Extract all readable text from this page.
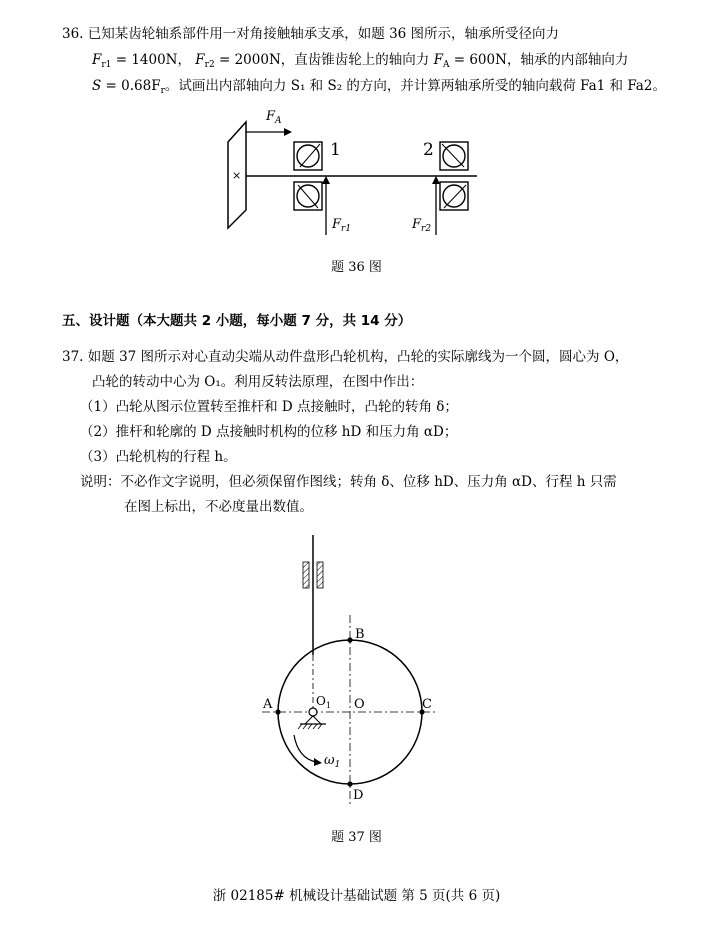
36. 已知某齿轮轴系部件用一对角接触轴承支承，如题 36 图所示，轴承所受径向力
$F_{r1} = 1400N$， $F_{r2} = 2000N$，直齿锥齿轮上的轴向力 $F_A = 600N$，轴承的内部轴向力
$S = 0.68F_r$。试画出内部轴向力 S₁ 和 S₂ 的方向，并计算两轴承所受的轴向载荷 Fa1 和 Fa2。
×
$F_A$
1	2
$F_{r1}$	$F_{r2}$
题 36 图
五、设计题（本大题共 2 小题，每小题 7 分，共 14 分）
37. 如题 37 图所示对心直动尖端从动件盘形凸轮机构，凸轮的实际廓线为一个圆，圆心为 O，
凸轮的转动中心为 O₁。利用反转法原理，在图中作出：
（1）凸轮从图示位置转至推杆和 D 点接触时，凸轮的转角 δ；
（2）推杆和轮廓的 D 点接触时机构的位移 hD 和压力角 αD；
（3）凸轮机构的行程 h。
说明：不必作文字说明，但必须保留作图线；转角 δ、位移 hD、压力角 αD、行程 h 只需
在图上标出，不必度量出数值。
$\omega_1$
A
B
C
D
O
$O_1$
题 37 图
浙 02185# 机械设计基础试题 第 5 页(共 6 页)
